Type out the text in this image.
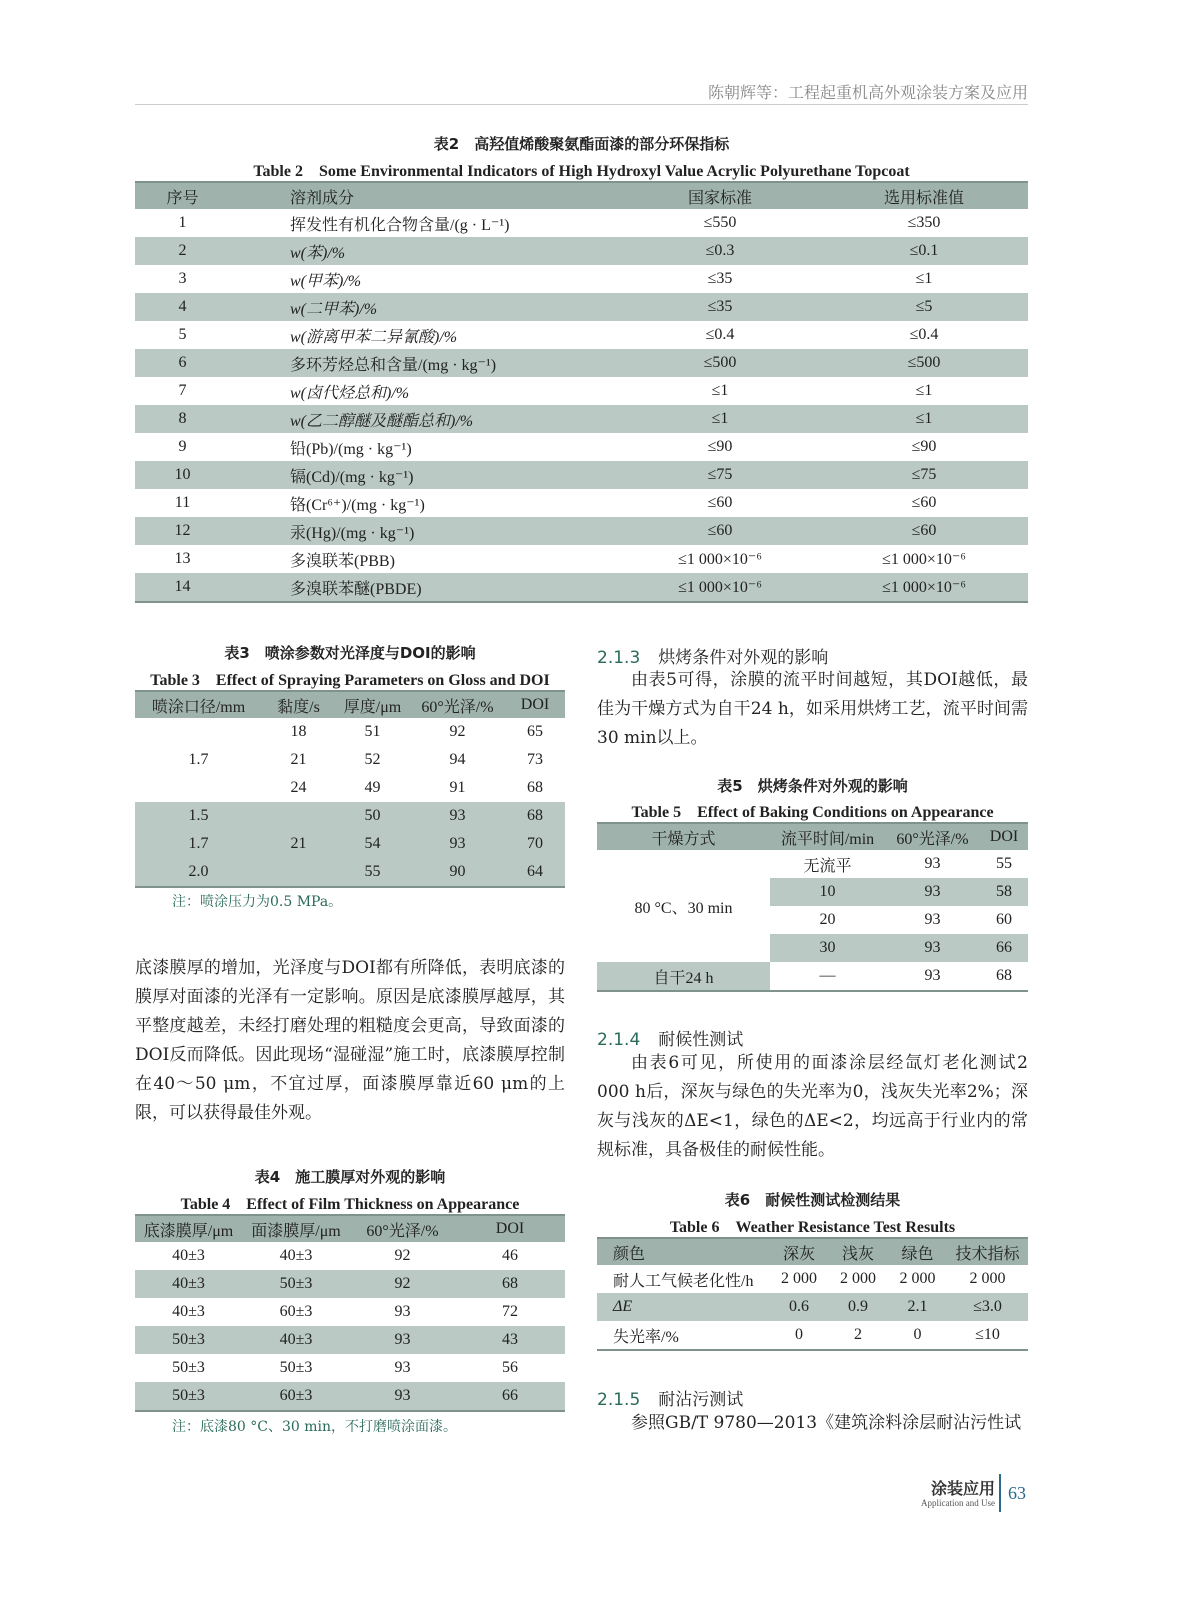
陈朝辉等：工程起重机高外观涂装方案及应用
表2　高羟值烯酸聚氨酯面漆的部分环保指标
Table 2　Some Environmental Indicators of High Hydroxyl Value Acrylic Polyurethane Topcoat
序号	溶剂成分	国家标准	选用标准值
1	挥发性有机化合物含量/(g · L⁻¹)	≤550	≤350
2	w(苯)/%	≤0.3	≤0.1
3	w(甲苯)/%	≤35	≤1
4	w(二甲苯)/%	≤35	≤5
5	w(游离甲苯二异氰酸)/%	≤0.4	≤0.4
6	多环芳烃总和含量/(mg · kg⁻¹)	≤500	≤500
7	w(卤代烃总和)/%	≤1	≤1
8	w(乙二醇醚及醚酯总和)/%	≤1	≤1
9	铅(Pb)/(mg · kg⁻¹)	≤90	≤90
10	镉(Cd)/(mg · kg⁻¹)	≤75	≤75
11	铬(Cr⁶⁺)/(mg · kg⁻¹)	≤60	≤60
12	汞(Hg)/(mg · kg⁻¹)	≤60	≤60
13	多溴联苯(PBB)	≤1 000×10⁻⁶	≤1 000×10⁻⁶
14	多溴联苯醚(PBDE)	≤1 000×10⁻⁶	≤1 000×10⁻⁶
表3　喷涂参数对光泽度与DOI的影响
Table 3　Effect of Spraying Parameters on Gloss and DOI
喷涂口径/mm	黏度/s	厚度/μm	60°光泽/%	DOI
1.7	18	51	92	65
	21	52	94	73
	24	49	91	68
1.5	21	50	93	68
1.7		54	93	70
2.0		55	90	64
注：喷涂压力为0.5 MPa。
底漆膜厚的增加，光泽度与DOI都有所降低，表明底漆的膜厚对面漆的光泽有一定影响。原因是底漆膜厚越厚，其平整度越差，未经打磨处理的粗糙度会更高，导致面漆的DOI反而降低。因此现场“湿碰湿”施工时，底漆膜厚控制在40～50 μm，不宜过厚，面漆膜厚靠近60 μm的上限，可以获得最佳外观。
表4　施工膜厚对外观的影响
Table 4　Effect of Film Thickness on Appearance
底漆膜厚/μm	面漆膜厚/μm	60°光泽/%	DOI
40±3	40±3	92	46
40±3	50±3	92	68
40±3	60±3	93	72
50±3	40±3	93	43
50±3	50±3	93	56
50±3	60±3	93	66
注：底漆80 °C、30 min，不打磨喷涂面漆。
2.1.3 烘烤条件对外观的影响
由表5可得，涂膜的流平时间越短，其DOI越低，最佳为干燥方式为自干24 h，如采用烘烤工艺，流平时间需30 min以上。
表5　烘烤条件对外观的影响
Table 5　Effect of Baking Conditions on Appearance
干燥方式	流平时间/min	60°光泽/%	DOI
80 °C、30 min	无流平	93	55
	10	93	58
	20	93	60
	30	93	66
自干24 h	—	93	68
2.1.4 耐候性测试
由表6可见，所使用的面漆涂层经氙灯老化测试2 000 h后，深灰与绿色的失光率为0，浅灰失光率2%；深灰与浅灰的ΔE<1，绿色的ΔE<2，均远高于行业内的常规标准，具备极佳的耐候性能。
表6　耐候性测试检测结果
Table 6　Weather Resistance Test Results
颜色	深灰	浅灰	绿色	技术指标
耐人工气候老化性/h	2 000	2 000	2 000	2 000
ΔE	0.6	0.9	2.1	≤3.0
失光率/%	0	2	0	≤10
2.1.5 耐沾污测试
参照GB/T 9780—2013《建筑涂料涂层耐沾污性试
涂装应用
Application and Use 63
